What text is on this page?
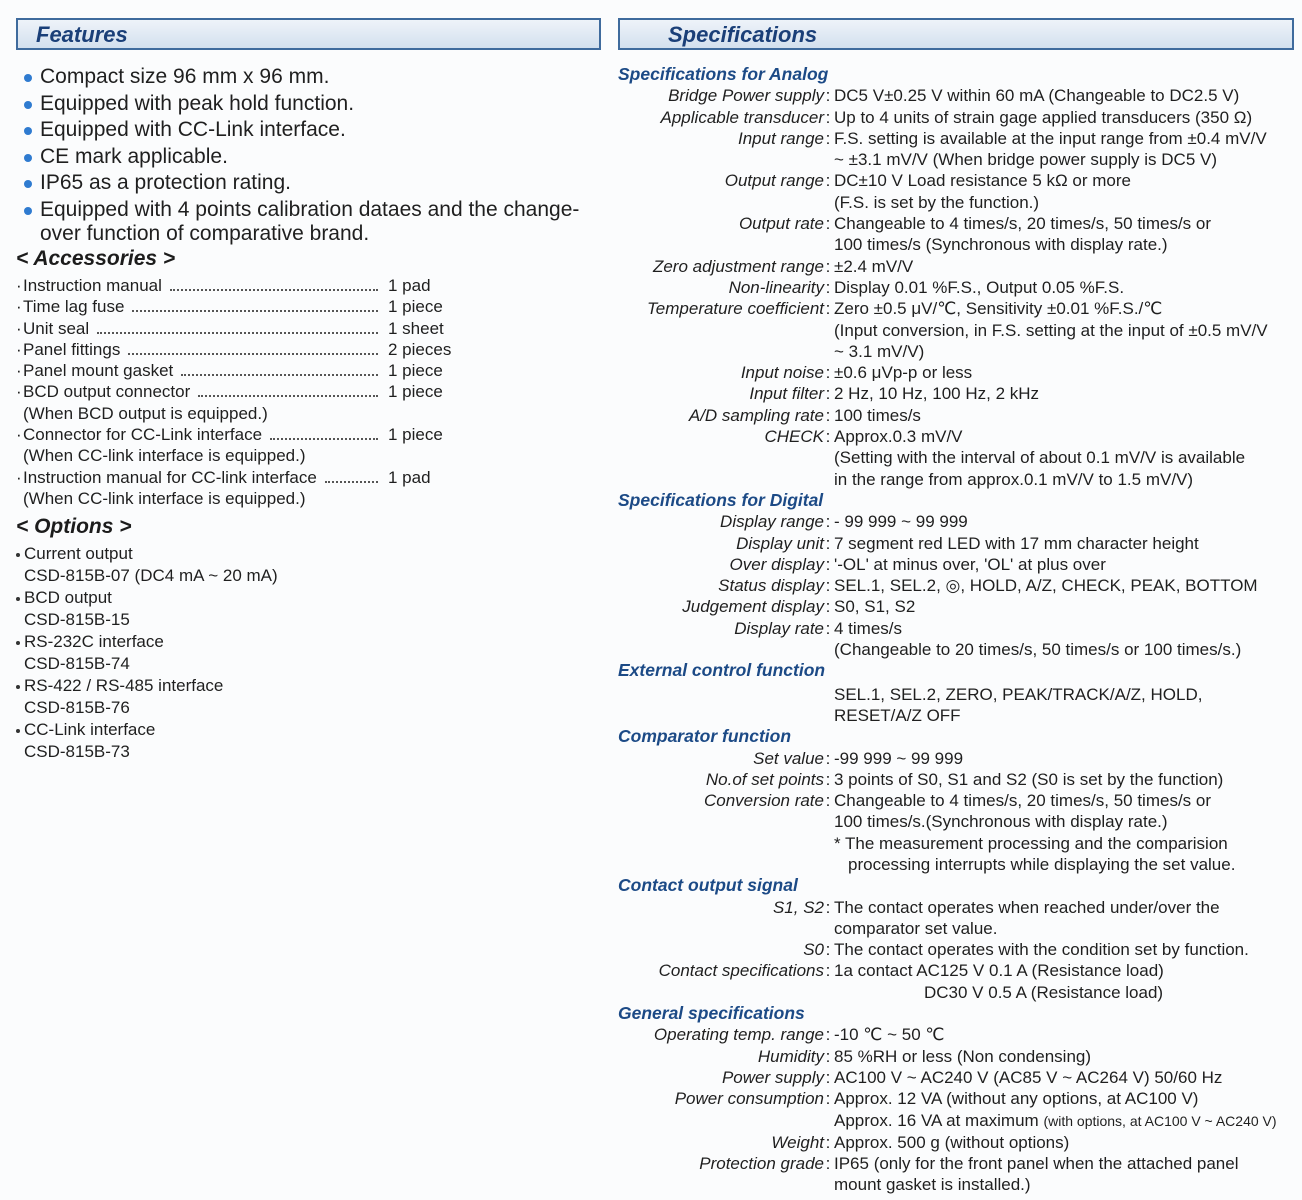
Features
Compact size 96 mm x 96 mm.
Equipped with peak hold function.
Equipped with CC-Link interface.
CE mark applicable.
IP65 as a protection rating.
Equipped with 4 points calibration dataes and the change-
over function of comparative brand.
< Accessories >
· Instruction manual	1 pad
· Time lag fuse	1 piece
· Unit seal	1 sheet
· Panel fittings	2 pieces
· Panel mount gasket	1 piece
· BCD output connector	1 piece
(When BCD output is equipped.)
· Connector for CC-Link interface	1 piece
(When CC-link interface is equipped.)
· Instruction manual for CC-link interface	1 pad
(When CC-link interface is equipped.)
< Options >
Current output
CSD-815B-07 (DC4 mA ~ 20 mA)
BCD output
CSD-815B-15
RS-232C interface
CSD-815B-74
RS-422 / RS-485 interface
CSD-815B-76
CC-Link interface
CSD-815B-73
Specifications
Specifications for Analog
Bridge Power supply : DC5 V±0.25 V within 60 mA (Changeable to DC2.5 V)
Applicable transducer : Up to 4 units of strain gage applied transducers (350 Ω)
Input range : F.S. setting is available at the input range from ±0.4 mV/V
~ ±3.1 mV/V (When bridge power supply is DC5 V)
Output range : DC±10 V Load resistance 5 kΩ or more
(F.S. is set by the function.)
Output rate : Changeable to 4 times/s, 20 times/s, 50 times/s or
100 times/s (Synchronous with display rate.)
Zero adjustment range : ±2.4 mV/V
Non-linearity : Display 0.01 %F.S., Output 0.05 %F.S.
Temperature coefficient : Zero ±0.5 μV/℃, Sensitivity ±0.01 %F.S./℃
(Input conversion, in F.S. setting at the input of ±0.5 mV/V
~ 3.1 mV/V)
Input noise : ±0.6 μVp-p or less
Input filter : 2 Hz, 10 Hz, 100 Hz, 2 kHz
A/D sampling rate : 100 times/s
CHECK : Approx.0.3 mV/V
(Setting with the interval of about 0.1 mV/V is available
in the range from approx.0.1 mV/V to 1.5 mV/V)
Specifications for Digital
Display range : - 99 999 ~ 99 999
Display unit : 7 segment red LED with 17 mm character height
Over display : '-OL' at minus over, 'OL' at plus over
Status display : SEL.1, SEL.2, ◎, HOLD, A/Z, CHECK, PEAK, BOTTOM
Judgement display : S0, S1, S2
Display rate : 4 times/s
(Changeable to 20 times/s, 50 times/s or 100 times/s.)
External control function
SEL.1, SEL.2, ZERO, PEAK/TRACK/A/Z, HOLD,
RESET/A/Z OFF
Comparator function
Set value : -99 999 ~ 99 999
No.of set points : 3 points of S0, S1 and S2 (S0 is set by the function)
Conversion rate : Changeable to 4 times/s, 20 times/s, 50 times/s or
100 times/s.(Synchronous with display rate.)
* The measurement processing and the comparision
processing interrupts while displaying the set value.
Contact output signal
S1, S2 : The contact operates when reached under/over the
comparator set value.
S0 : The contact operates with the condition set by function.
Contact specifications : 1a contact AC125 V 0.1 A (Resistance load)
DC30 V 0.5 A (Resistance load)
General specifications
Operating temp. range : -10 ℃ ~ 50 ℃
Humidity : 85 %RH or less (Non condensing)
Power supply : AC100 V ~ AC240 V (AC85 V ~ AC264 V) 50/60 Hz
Power consumption : Approx. 12 VA (without any options, at AC100 V)
Approx. 16 VA at maximum (with options, at AC100 V ~ AC240 V)
Weight : Approx. 500 g (without options)
Protection grade : IP65 (only for the front panel when the attached panel
mount gasket is installed.)
